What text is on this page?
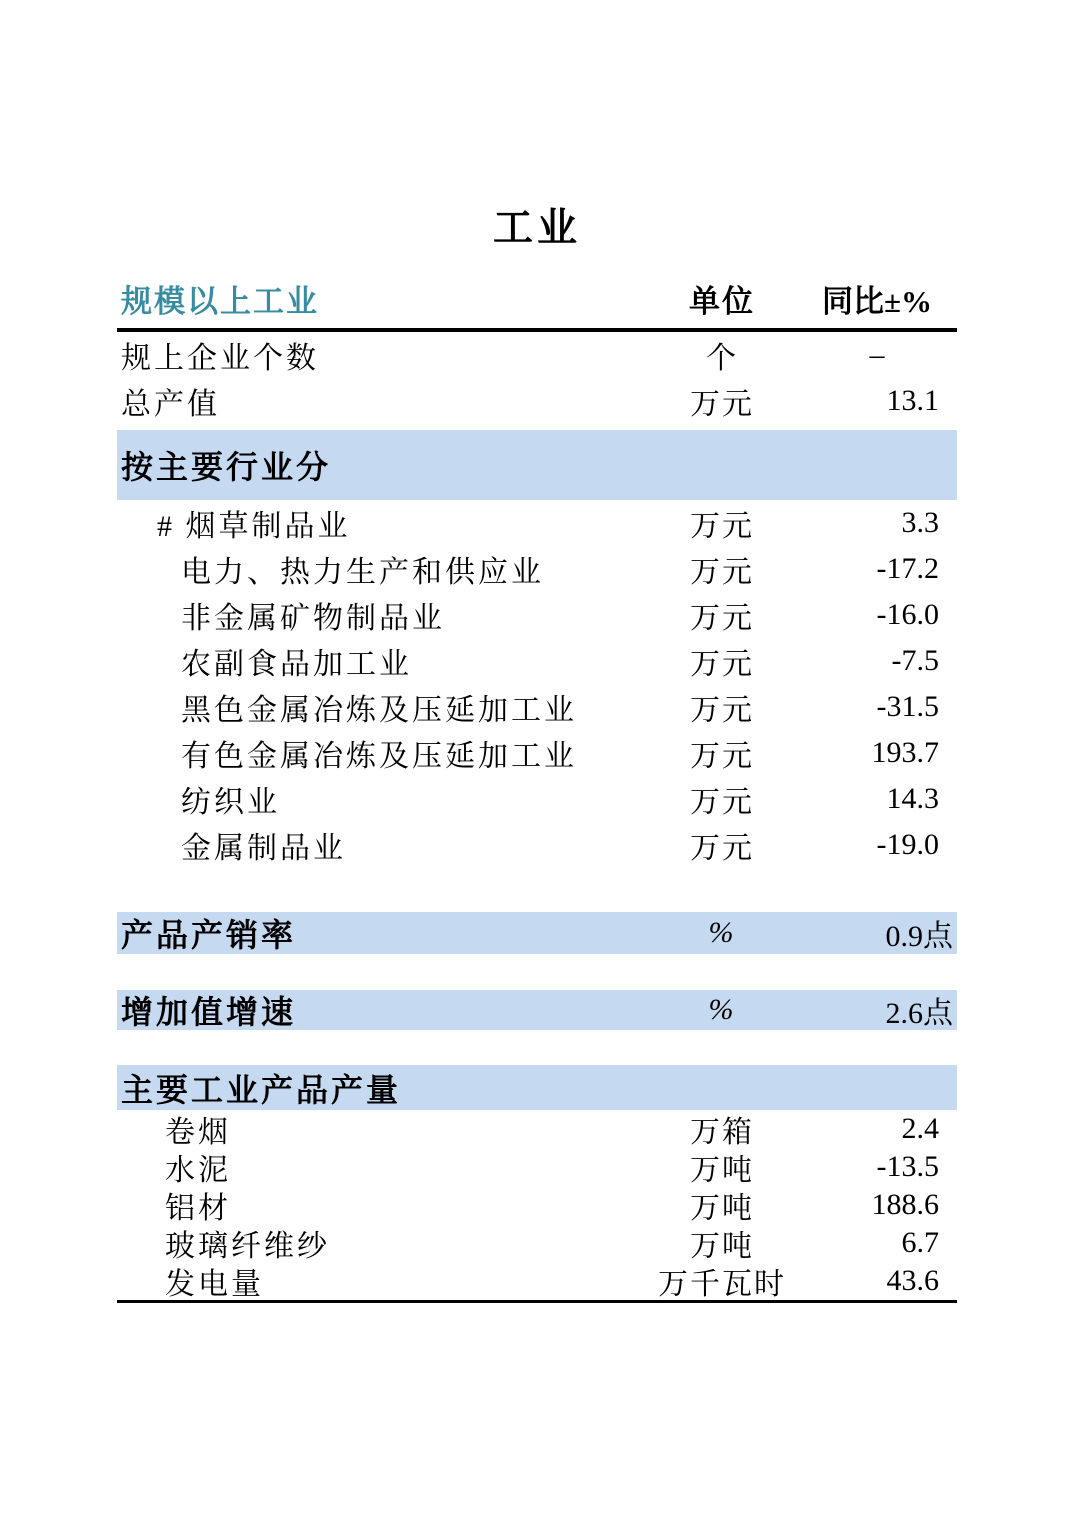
工业
规模以上工业	单位	同比±%
规上企业个数	个	–
总产值	万元	13.1
按主要行业分
# 烟草制品业	万元	3.3
电力、热力生产和供应业	万元	-17.2
非金属矿物制品业	万元	-16.0
农副食品加工业	万元	-7.5
黑色金属冶炼及压延加工业	万元	-31.5
有色金属冶炼及压延加工业	万元	193.7
纺织业	万元	14.3
金属制品业	万元	-19.0
产品产销率	%	0.9点
增加值增速	%	2.6点
主要工业产品产量
卷烟	万箱	2.4
水泥	万吨	-13.5
铝材	万吨	188.6
玻璃纤维纱	万吨	6.7
发电量	万千瓦时	43.6
